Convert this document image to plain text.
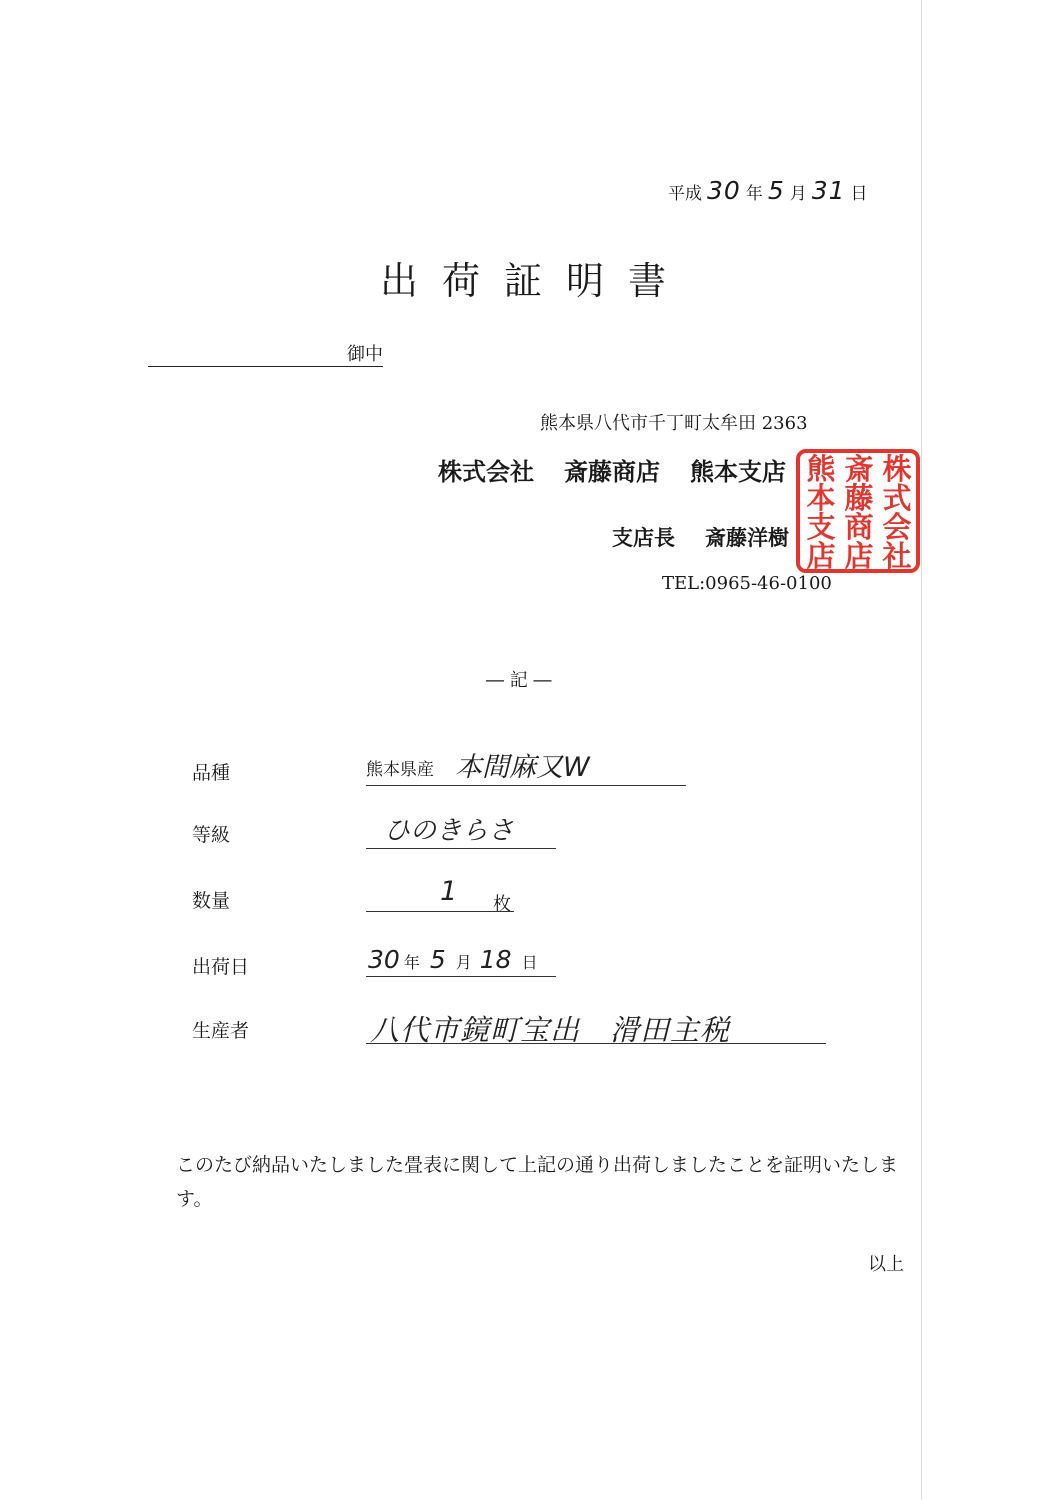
平成 30 年 5 月 31 日
出荷証明書
御中
熊本県八代市千丁町太牟田 2363
株式会社 斎藤商店 熊本支店
支店長 斎藤洋樹
TEL:0965-46-0100
株
式
会
社
斎
藤
商
店
熊
本
支
店
― 記 ―
品種	熊本県産 本間麻又W
等級	ひのきらさ
数量	1 枚
出荷日	30 年 5 月 18 日
生産者	八代市鏡町宝出　滑田主税

このたび納品いたしました畳表に関して上記の通り出荷しましたことを証明いたします。

以上
